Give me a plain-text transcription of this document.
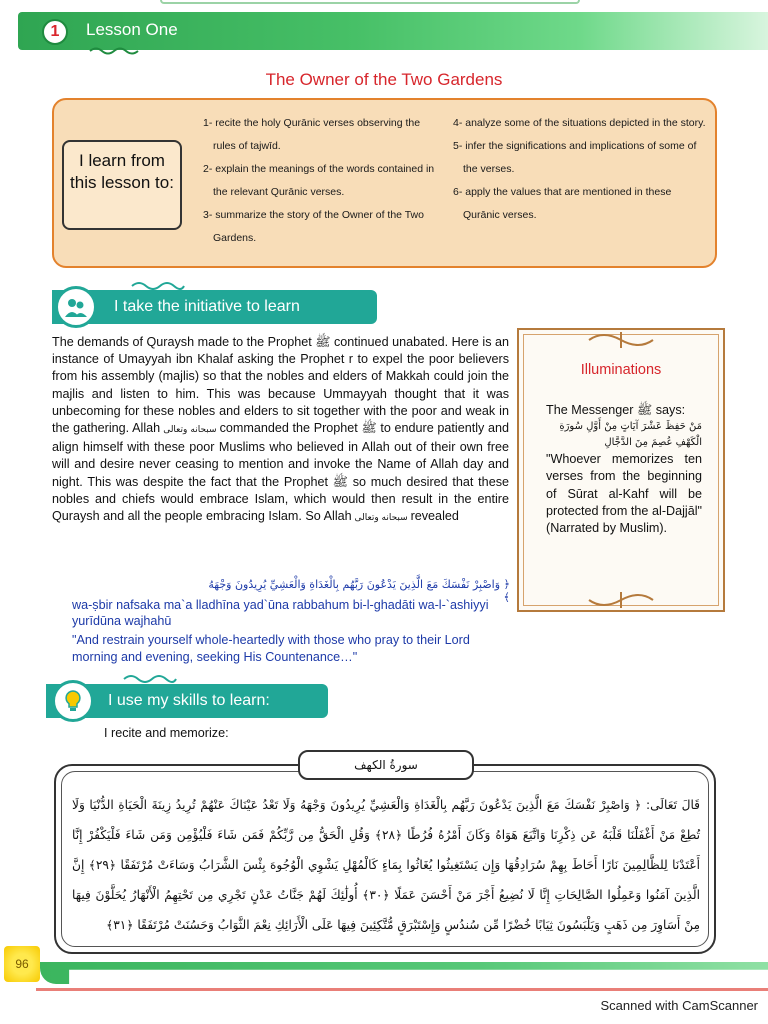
1	Lesson One
The Owner of the Two Gardens
I learn from this lesson to:
1- recite the holy Qurānic verses observing the rules of tajwīd.
2- explain the meanings of the words contained in the relevant Qurānic verses.
3- summarize the story of the Owner of the Two Gardens.
4- analyze some of the situations depicted in the story.
5- infer the significations and implications of some of the verses.
6- apply the values that are mentioned in these Qurānic verses.
I take the initiative to learn
The demands of Quraysh made to the Prophet ﷺ continued unabated. Here is an instance of Umayyah ibn Khalaf asking the Prophet r to expel the poor believers from his assembly (majlis) so that the nobles and elders of Makkah could join the majlis and listen to him. This was because Ummayyah thought that it was unbecoming for these nobles and elders to sit together with the poor and weak in the gathering. Allah سبحانه وتعالى commanded the Prophet ﷺ to endure patiently and align himself with these poor Muslims who believed in Allah out of their own free will and desire never ceasing to mention and invoke the Name of Allah day and night. This was despite the fact that the Prophet ﷺ so much desired that these nobles and chiefs would embrace Islam, which would then result in the entire Quraysh and all the people embracing Islam. So Allah سبحانه وتعالى revealed
﴿ وَاصْبِرْ نَفْسَكَ مَعَ الَّذِينَ يَدْعُونَ رَبَّهُم بِالْغَدَاةِ وَالْعَشِيِّ يُرِيدُونَ وَجْهَهُ ﴾
wa-ṣbir nafsaka ma`a lladhīna yad`ūna rabbahum bi-l-ghadāti wa-l-`ashiyyi yurīdūna wajhahū
"And restrain yourself whole-heartedly with those who pray to their Lord morning and evening, seeking His Countenance…"
Illuminations
The Messenger ﷺ says:
مَنْ حَفِظَ عَشْرَ آيَاتٍ مِنْ أَوَّلِ سُورَةِ الْكَهْفِ عُصِمَ مِنَ الدَّجَّالِ
"Whoever memorizes ten verses from the beginning of Sūrat al-Kahf will be protected from the al-Dajjāl" (Narrated by Muslim).
I use my skills to learn:
I recite and memorize:
سورةُ الكهف
قَالَ تَعَالَى: ﴿ وَاصْبِرْ نَفْسَكَ مَعَ الَّذِينَ يَدْعُونَ رَبَّهُم بِالْغَدَاةِ وَالْعَشِيِّ يُرِيدُونَ وَجْهَهُ وَلَا تَعْدُ عَيْنَاكَ عَنْهُمْ تُرِيدُ زِينَةَ الْحَيَاةِ الدُّنْيَا وَلَا تُطِعْ مَنْ أَغْفَلْنَا قَلْبَهُ عَن ذِكْرِنَا وَاتَّبَعَ هَوَاهُ وَكَانَ أَمْرُهُ فُرُطًا ﴿٢٨﴾ وَقُلِ الْحَقُّ مِن رَّبِّكُمْ فَمَن شَاءَ فَلْيُؤْمِن وَمَن شَاءَ فَلْيَكْفُرْ إِنَّا أَعْتَدْنَا لِلظَّالِمِينَ نَارًا أَحَاطَ بِهِمْ سُرَادِقُهَا وَإِن يَسْتَغِيثُوا يُغَاثُوا بِمَاءٍ كَالْمُهْلِ يَشْوِي الْوُجُوهَ بِئْسَ الشَّرَابُ وَسَاءَتْ مُرْتَفَقًا ﴿٢٩﴾ إِنَّ الَّذِينَ آمَنُوا وَعَمِلُوا الصَّالِحَاتِ إِنَّا لَا نُضِيعُ أَجْرَ مَنْ أَحْسَنَ عَمَلًا ﴿٣٠﴾ أُولَٰئِكَ لَهُمْ جَنَّاتُ عَدْنٍ تَجْرِي مِن تَحْتِهِمُ الْأَنْهَارُ يُحَلَّوْنَ فِيهَا مِنْ أَسَاوِرَ مِن ذَهَبٍ وَيَلْبَسُونَ ثِيَابًا خُضْرًا مِّن سُندُسٍ وَإِسْتَبْرَقٍ مُّتَّكِئِينَ فِيهَا عَلَى الْأَرَائِكِ نِعْمَ الثَّوَابُ وَحَسُنَتْ مُرْتَفَقًا ﴿٣١﴾
96
Scanned with CamScanner
